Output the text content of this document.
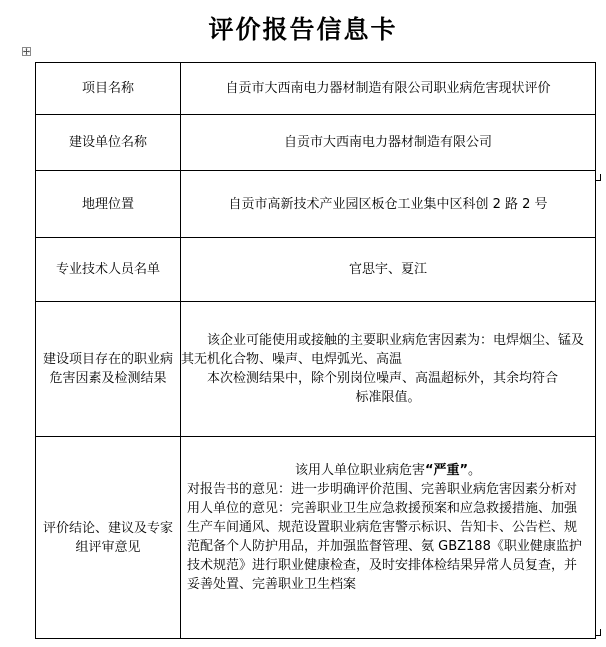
评价报告信息卡
项目名称	自贡市大西南电力器材制造有限公司职业病危害现状评价
建设单位名称	自贡市大西南电力器材制造有限公司
地理位置	自贡市高新技术产业园区板仓工业集中区科创 2 路 2 号
专业技术人员名单	官思宇、夏江
建设项目存在的职业病危害因素及检测结果	该企业可能使用或接触的主要职业病危害因素为：电焊烟尘、锰及其无机化合物、噪声、电焊弧光、高温

本次检测结果中，除个别岗位噪声、高温超标外，其余均符合

标准限值。

评价结论、建议及专家组评审意见	该用人单位职业病危害“严重”。

对报告书的意见：进一步明确评价范围、完善职业病危害因素分析对用人单位的意见：完善职业卫生应急救援预案和应急救援措施、加强生产车间通风、规范设置职业病危害警示标识、告知卡、公告栏、规范配备个人防护用品，并加强监督管理、氨 GBZ188《职业健康监护技术规范》进行职业健康检查，及时安排体检结果异常人员复查，并妥善处置、完善职业卫生档案
